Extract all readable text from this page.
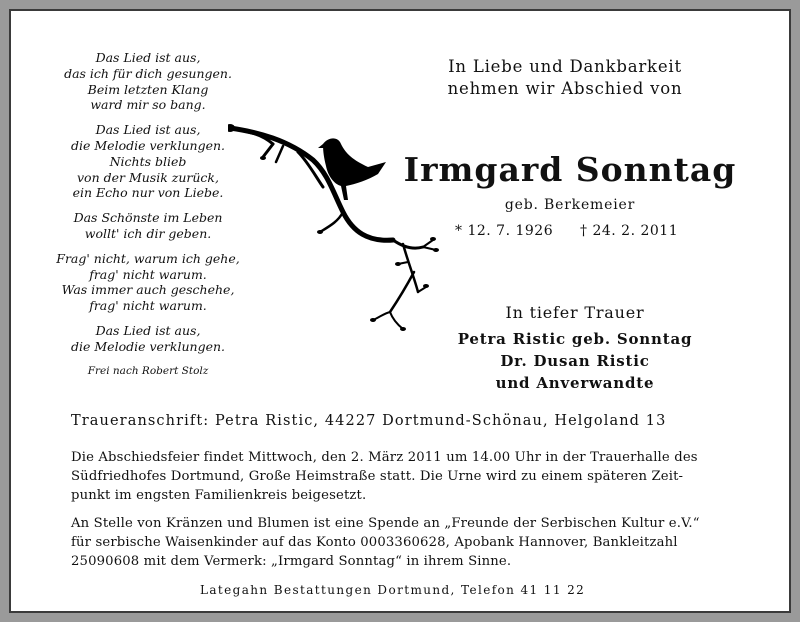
Das Lied ist aus,
das ich für dich gesungen.
Beim letzten Klang
ward mir so bang.
Das Lied ist aus,
die Melodie verklungen.
Nichts blieb
von der Musik zurück,
ein Echo nur von Liebe.
Das Schönste im Leben
wollt' ich dir geben.
Frag' nicht, warum ich gehe,
frag' nicht warum.
Was immer auch geschehe,
frag' nicht warum.
Das Lied ist aus,
die Melodie verklungen.
Frei nach Robert Stolz
In Liebe und Dankbarkeit
nehmen wir Abschied von
Irmgard Sonntag
geb. Berkemeier
* 12. 7. 1926 † 24. 2. 2011
In tiefer Trauer
Petra Ristic geb. Sonntag
Dr. Dusan Ristic
und Anverwandte
Traueranschrift: Petra Ristic, 44227 Dortmund-Schönau, Helgoland 13
Die Abschiedsfeier findet Mittwoch, den 2. März 2011 um 14.00 Uhr in der Trauerhalle des
Südfriedhofes Dortmund, Große Heimstraße statt. Die Urne wird zu einem späteren Zeit-
punkt im engsten Familienkreis beigesetzt.
An Stelle von Kränzen und Blumen ist eine Spende an „Freunde der Serbischen Kultur e.V.“
für serbische Waisenkinder auf das Konto 0003360628, Apobank Hannover, Bankleitzahl
25090608 mit dem Vermerk: „Irmgard Sonntag“ in ihrem Sinne.
Lategahn Bestattungen Dortmund, Telefon 41 11 22
